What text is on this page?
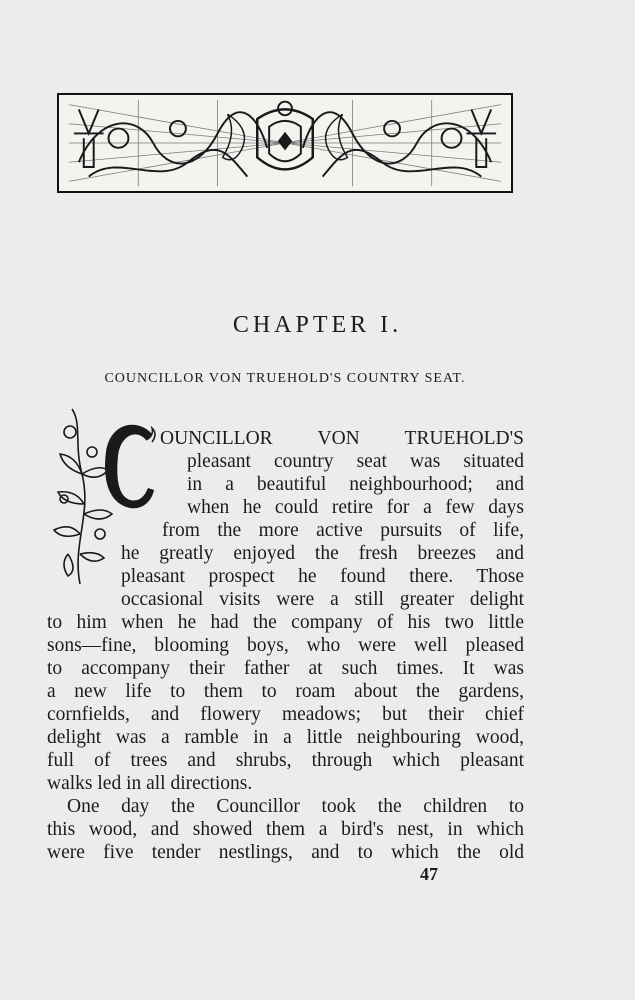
CHAPTER I.
COUNCILLOR VON TRUEHOLD'S COUNTRY SEAT.
OUNCILLOR VON TRUEHOLD'S
pleasant country seat was situated
in a beautiful neighbourhood; and
when he could retire for a few days
from the more active pursuits of life,
he greatly enjoyed the fresh breezes and
pleasant prospect he found there. Those
occasional visits were a still greater delight
to him when he had the company of his two little
sons—fine, blooming boys, who were well pleased
to accompany their father at such times. It was
a new life to them to roam about the gardens,
cornfields, and flowery meadows; but their chief
delight was a ramble in a little neighbouring wood,
full of trees and shrubs, through which pleasant
walks led in all directions.
One day the Councillor took the children to
this wood, and showed them a bird's nest, in which
were five tender nestlings, and to which the old
47
